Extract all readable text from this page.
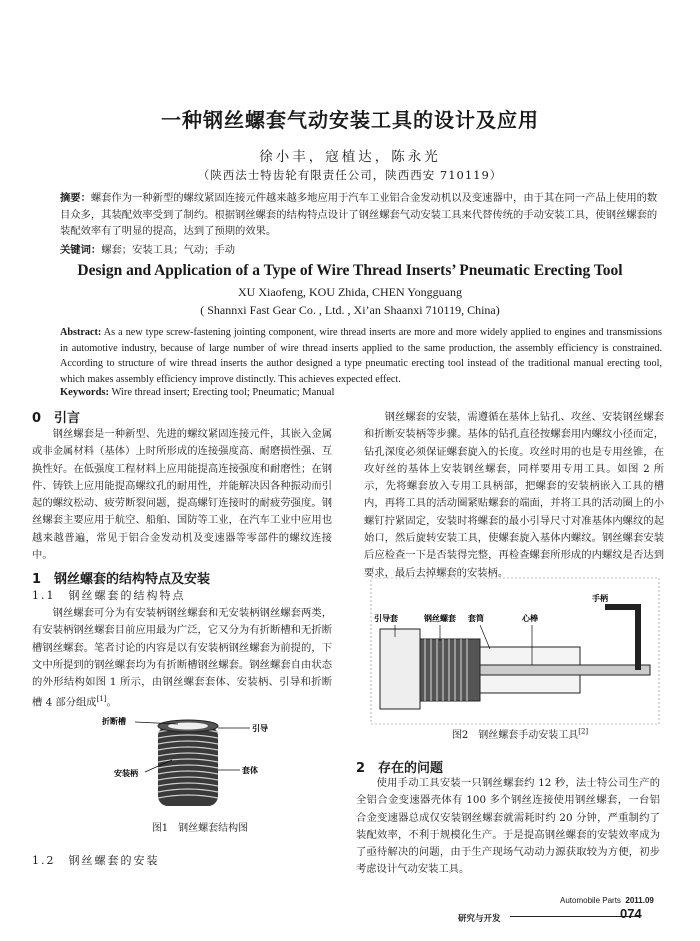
一种钢丝螺套气动安装工具的设计及应用
徐小丰，寇植达，陈永光
（陕西法士特齿轮有限责任公司，陕西西安 710119）
摘要：螺套作为一种新型的螺纹紧固连接元件越来越多地应用于汽车工业铝合金发动机以及变速器中，由于其在同一产品上使用的数目众多，其装配效率受到了制约。根据钢丝螺套的结构特点设计了钢丝螺套气动安装工具来代替传统的手动安装工具，使钢丝螺套的装配效率有了明显的提高，达到了预期的效果。
关键词：螺套；安装工具；气动；手动
Design and Application of a Type of Wire Thread Inserts’ Pneumatic Erecting Tool
XU Xiaofeng, KOU Zhida, CHEN Yongguang
( Shannxi Fast Gear Co. , Ltd. , Xi’an Shaanxi 710119, China)
Abstract: As a new type screw-fastening jointing component, wire thread inserts are more and more widely applied to engines and transmissions in automotive industry, because of large number of wire thread inserts applied to the same production, the assembly efficiency is constrained. According to structure of wire thread inserts the author designed a type pneumatic erecting tool instead of the traditional manual erecting tool, which makes assembly efficiency improve distinctly. This achieves expected effect.
Keywords: Wire thread insert; Erecting tool; Pneumatic; Manual
0　引言
钢丝螺套是一种新型、先进的螺纹紧固连接元件，其嵌入金属或非金属材料（基体）上时所形成的连接强度高、耐磨损性强、互换性好。在低强度工程材料上应用能提高连接强度和耐磨性；在钢件、铸铁上应用能提高螺纹孔的耐用性，并能解决因各种振动而引起的螺纹松动、疲劳断裂问题，提高螺钉连接时的耐疲劳强度。钢丝螺套主要应用于航空、船舶、国防等工业，在汽车工业中应用也越来越普遍，常见于铝合金发动机及变速器等零部件的螺纹连接中。
1　钢丝螺套的结构特点及安装
1.1　钢丝螺套的结构特点
钢丝螺套可分为有安装柄钢丝螺套和无安装柄钢丝螺套两类，有安装柄钢丝螺套目前应用最为广泛，它又分为有折断槽和无折断槽钢丝螺套。笔者讨论的内容是以有安装柄钢丝螺套为前提的，下文中所提到的钢丝螺套均为有折断槽钢丝螺套。钢丝螺套自由状态的外形结构如图 1 所示，由钢丝螺套套体、安装柄、引导和折断槽 4 部分组成[1]。
折断槽
引导
安装柄	套体
图1　钢丝螺套结构图
1.2　钢丝螺套的安装
钢丝螺套的安装，需遵循在基体上钻孔、攻丝、安装钢丝螺套和折断安装柄等步骤。基体的钻孔直径按螺套用内螺纹小径而定，钻孔深度必须保证螺套旋入的长度。攻丝时用的也是专用丝锥，在攻好丝的基体上安装钢丝螺套，同样要用专用工具。如图 2 所示，先将螺套放入专用工具柄部，把螺套的安装柄嵌入工具的槽内，再将工具的活动圈紧贴螺套的端面，并将工具的活动圈上的小螺钉拧紧固定，安装时将螺套的最小引导尺寸对准基体内螺纹的起始口，然后旋转安装工具，使螺套旋入基体内螺纹。钢丝螺套安装后应检查一下是否装得完整，再检查螺套所形成的内螺纹是否达到要求，最后去掉螺套的安装柄。
手柄
引导套	钢丝螺套 套筒	心棒
图2　钢丝螺套手动安装工具[2]
2　存在的问题
使用手动工具安装一只钢丝螺套约 12 秒，法士特公司生产的全铝合金变速器壳体有 100 多个钢丝连接使用钢丝螺套，一台铝合金变速器总成仅安装钢丝螺套就需耗时约 20 分钟，严重制约了装配效率，不利于规模化生产。于是提高钢丝螺套的安装效率成为了亟待解决的问题，由于生产现场气动动力源获取较为方便，初步考虑设计气动安装工具。
研究与开发
Automobile Parts 2011.09
074
